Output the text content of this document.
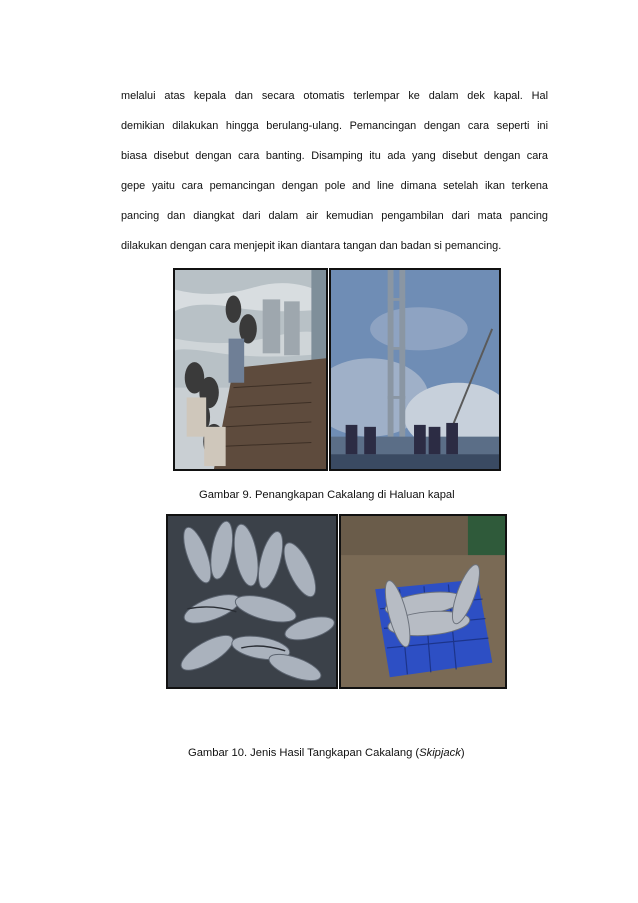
melalui atas kepala dan secara otomatis terlempar ke dalam dek kapal. Hal
demikian dilakukan hingga berulang-ulang. Pemancingan dengan cara seperti ini
biasa disebut dengan cara banting. Disamping itu ada yang disebut dengan cara
gepe yaitu cara pemancingan dengan pole and line dimana setelah ikan terkena
pancing dan diangkat dari dalam air kemudian pengambilan dari mata pancing
dilakukan dengan cara menjepit ikan diantara tangan dan badan si pemancing.
Gambar 9. Penangkapan Cakalang di Haluan kapal
Gambar 10. Jenis Hasil Tangkapan Cakalang (Skipjack)
